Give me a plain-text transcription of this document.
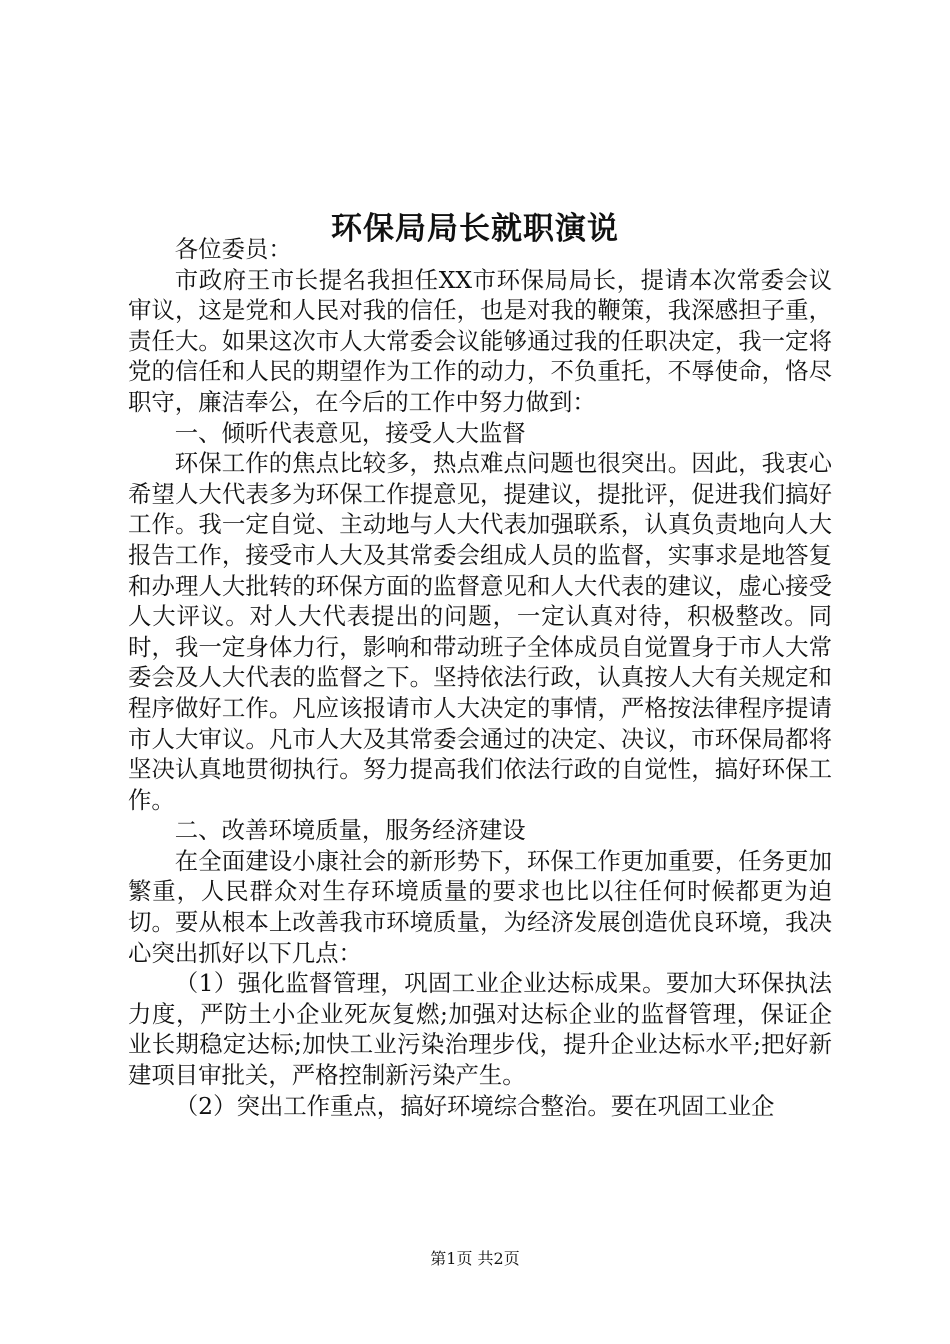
环保局局长就职演说

各位委员：

市政府王市长提名我担任XX市环保局局长，提请本次常委会议审议，这是党和人民对我的信任，也是对我的鞭策，我深感担子重，责任大。如果这次市人大常委会议能够通过我的任职决定，我一定将党的信任和人民的期望作为工作的动力，不负重托，不辱使命，恪尽职守，廉洁奉公，在今后的工作中努力做到：

一、倾听代表意见，接受人大监督

环保工作的焦点比较多，热点难点问题也很突出。因此，我衷心希望人大代表多为环保工作提意见，提建议，提批评，促进我们搞好工作。我一定自觉、主动地与人大代表加强联系，认真负责地向人大报告工作，接受市人大及其常委会组成人员的监督，实事求是地答复和办理人大批转的环保方面的监督意见和人大代表的建议，虚心接受人大评议。对人大代表提出的问题，一定认真对待，积极整改。同时，我一定身体力行，影响和带动班子全体成员自觉置身于市人大常委会及人大代表的监督之下。坚持依法行政，认真按人大有关规定和程序做好工作。凡应该报请市人大决定的事情，严格按法律程序提请市人大审议。凡市人大及其常委会通过的决定、决议，市环保局都将坚决认真地贯彻执行。努力提高我们依法行政的自觉性，搞好环保工作。

二、改善环境质量，服务经济建设

在全面建设小康社会的新形势下，环保工作更加重要，任务更加繁重，人民群众对生存环境质量的要求也比以往任何时候都更为迫切。要从根本上改善我市环境质量，为经济发展创造优良环境，我决心突出抓好以下几点：

（1）强化监督管理，巩固工业企业达标成果。要加大环保执法力度，严防土小企业死灰复燃;加强对达标企业的监督管理，保证企业长期稳定达标;加快工业污染治理步伐，提升企业达标水平;把好新建项目审批关，严格控制新污染产生。

（2）突出工作重点，搞好环境综合整治。要在巩固工业企

第1页 共2页
